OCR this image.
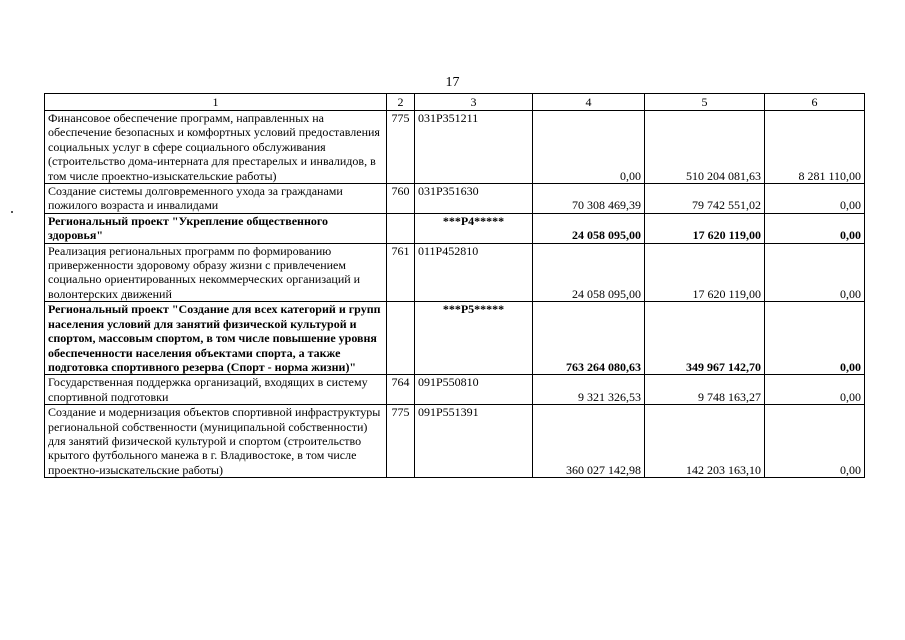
17
1	2	3	4	5	6
Финансовое обеспечение программ, направленных на обеспечение безопасных и комфортных условий предоставления социальных услуг в сфере социального обслуживания (строительство дома-интерната для престарелых и инвалидов, в том числе проектно-изыскательские работы)	775	031P351211	0,00	510 204 081,63	8 281 110,00
Создание системы долговременного ухода за гражданами пожилого возраста и инвалидами	760	031P351630	70 308 469,39	79 742 551,02	0,00
Региональный проект "Укрепление общественного здоровья"		***P4*****	24 058 095,00	17 620 119,00	0,00
Реализация региональных программ по формированию приверженности здоровому образу жизни с привлечением социально ориентированных некоммерческих организаций и волонтерских движений	761	011P452810	24 058 095,00	17 620 119,00	0,00
Региональный проект "Создание для всех категорий и групп населения условий для занятий физической культурой и спортом, массовым спортом, в том числе повышение уровня обеспеченности населения объектами спорта, а также подготовка спортивного резерва (Спорт - норма жизни)"		***P5*****	763 264 080,63	349 967 142,70	0,00
Государственная поддержка организаций, входящих в систему спортивной подготовки	764	091P550810	9 321 326,53	9 748 163,27	0,00
Создание и модернизация объектов спортивной инфраструктуры региональной собственности (муниципальной собственности) для занятий физической культурой и спортом (строительство крытого футбольного манежа в г. Владивостоке, в том числе проектно-изыскательские работы)	775	091P551391	360 027 142,98	142 203 163,10	0,00
